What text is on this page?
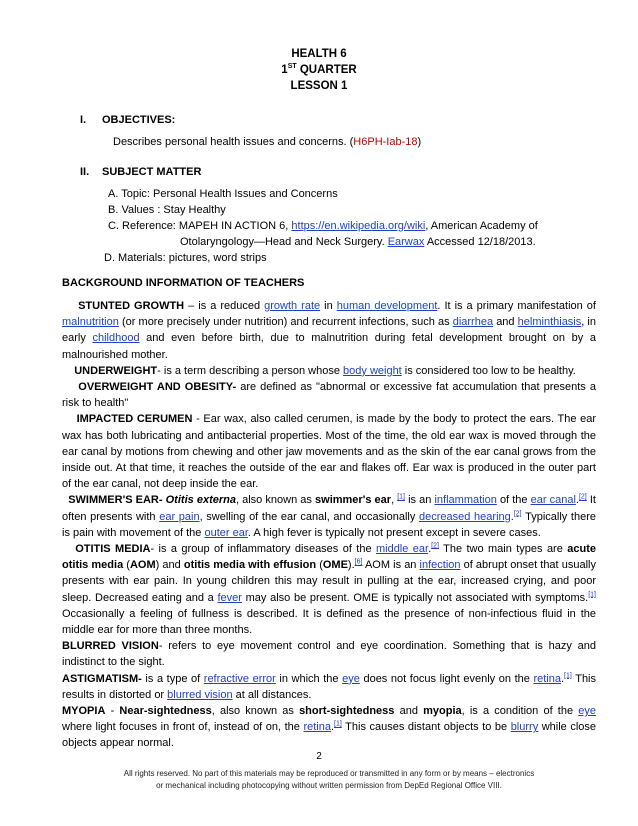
HEALTH 6
1ST QUARTER
LESSON 1
I. OBJECTIVES:
Describes personal health issues and concerns. (H6PH-Iab-18)
II. SUBJECT MATTER
A. Topic: Personal Health Issues and Concerns
B. Values : Stay Healthy
C. Reference: MAPEH IN ACTION 6, https://en.wikipedia.org/wiki, American Academy of
Otolaryngology—Head and Neck Surgery. Earwax Accessed 12/18/2013.
D. Materials: pictures, word strips
BACKGROUND INFORMATION OF TEACHERS

STUNTED GROWTH – is a reduced growth rate in human development. It is a primary manifestation of malnutrition (or more precisely under nutrition) and recurrent infections, such as diarrhea and helminthiasis, in early childhood and even before birth, due to malnutrition during fetal development brought on by a malnourished mother.

UNDERWEIGHT- is a term describing a person whose body weight is considered too low to be healthy.

OVERWEIGHT AND OBESITY- are defined as "abnormal or excessive fat accumulation that presents a risk to health"

IMPACTED CERUMEN - Ear wax, also called cerumen, is made by the body to protect the ears. The ear wax has both lubricating and antibacterial properties. Most of the time, the old ear wax is moved through the ear canal by motions from chewing and other jaw movements and as the skin of the ear canal grows from the inside out. At that time, it reaches the outside of the ear and flakes off. Ear wax is produced in the outer part of the ear canal, not deep inside the ear.

SWIMMER'S EAR- Otitis externa, also known as swimmer's ear, [1] is an inflammation of the ear canal.[2] It often presents with ear pain, swelling of the ear canal, and occasionally decreased hearing.[2] Typically there is pain with movement of the outer ear. A high fever is typically not present except in severe cases.

OTITIS MEDIA- is a group of inflammatory diseases of the middle ear.[2] The two main types are acute otitis media (AOM) and otitis media with effusion (OME).[6] AOM is an infection of abrupt onset that usually presents with ear pain. In young children this may result in pulling at the ear, increased crying, and poor sleep. Decreased eating and a fever may also be present. OME is typically not associated with symptoms.[1] Occasionally a feeling of fullness is described. It is defined as the presence of non-infectious fluid in the middle ear for more than three months.

BLURRED VISION- refers to eye movement control and eye coordination. Something that is hazy and indistinct to the sight.

ASTIGMATISM- is a type of refractive error in which the eye does not focus light evenly on the retina.[1] This results in distorted or blurred vision at all distances.

MYOPIA - Near-sightedness, also known as short-sightedness and myopia, is a condition of the eye where light focuses in front of, instead of on, the retina.[1] This causes distant objects to be blurry while close objects appear normal.

2
All rights reserved. No part of this materials may be reproduced or transmitted in any form or by means – electronics
or mechanical including photocopying without written permission from DepEd Regional Office VIII.
